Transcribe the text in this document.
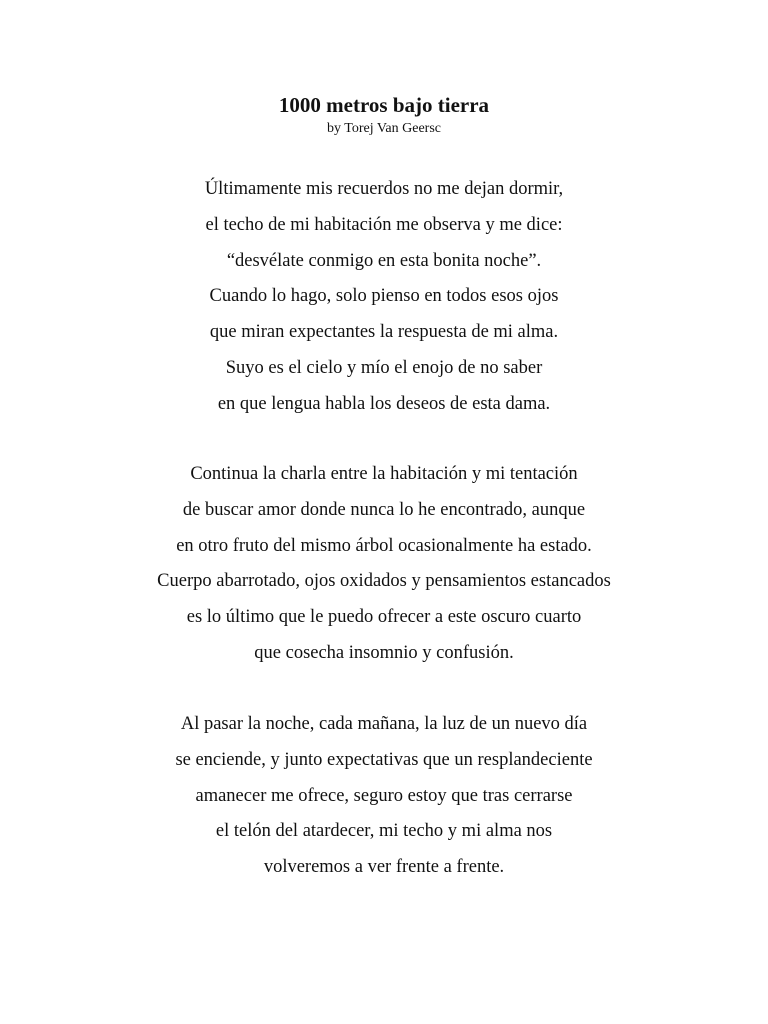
1000 metros bajo tierra
by Torej Van Geersc
Últimamente mis recuerdos no me dejan dormir,
el techo de mi habitación me observa y me dice:
“desvélate conmigo en esta bonita noche”.
Cuando lo hago, solo pienso en todos esos ojos
que miran expectantes la respuesta de mi alma.
Suyo es el cielo y mío el enojo de no saber
en que lengua habla los deseos de esta dama.
Continua la charla entre la habitación y mi tentación
de buscar amor donde nunca lo he encontrado, aunque
en otro fruto del mismo árbol ocasionalmente ha estado.
Cuerpo abarrotado, ojos oxidados y pensamientos estancados
es lo último que le puedo ofrecer a este oscuro cuarto
que cosecha insomnio y confusión.
Al pasar la noche, cada mañana, la luz de un nuevo día
se enciende, y junto expectativas que un resplandeciente
amanecer me ofrece, seguro estoy que tras cerrarse
el telón del atardecer, mi techo y mi alma nos
volveremos a ver frente a frente.
